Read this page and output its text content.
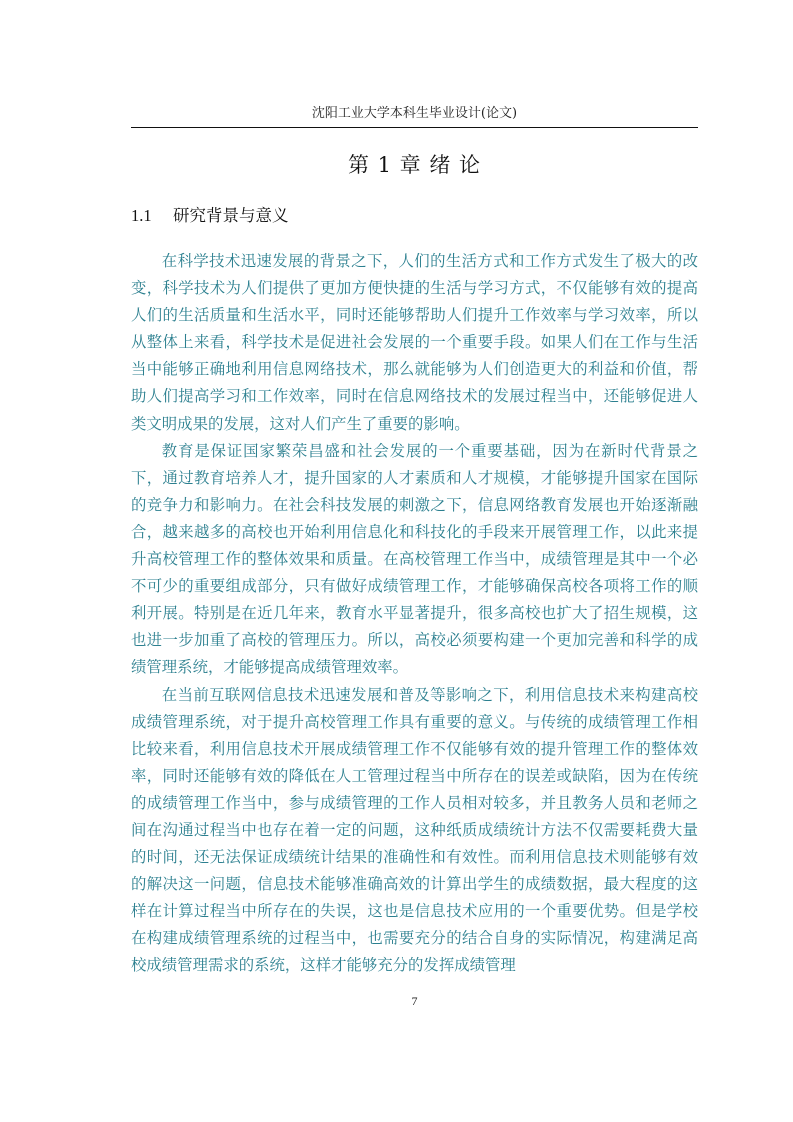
沈阳工业大学本科生毕业设计(论文)
第 1 章 绪 论
1.1 研究背景与意义

在科学技术迅速发展的背景之下，人们的生活方式和工作方式发生了极大的改变，科学技术为人们提供了更加方便快捷的生活与学习方式，不仅能够有效的提高人们的生活质量和生活水平，同时还能够帮助人们提升工作效率与学习效率，所以从整体上来看，科学技术是促进社会发展的一个重要手段。如果人们在工作与生活当中能够正确地利用信息网络技术，那么就能够为人们创造更大的利益和价值，帮助人们提高学习和工作效率，同时在信息网络技术的发展过程当中，还能够促进人类文明成果的发展，这对人们产生了重要的影响。

教育是保证国家繁荣昌盛和社会发展的一个重要基础，因为在新时代背景之下，通过教育培养人才，提升国家的人才素质和人才规模，才能够提升国家在国际的竞争力和影响力。在社会科技发展的刺激之下，信息网络教育发展也开始逐渐融合，越来越多的高校也开始利用信息化和科技化的手段来开展管理工作，以此来提升高校管理工作的整体效果和质量。在高校管理工作当中，成绩管理是其中一个必不可少的重要组成部分，只有做好成绩管理工作，才能够确保高校各项将工作的顺利开展。特别是在近几年来，教育水平显著提升，很多高校也扩大了招生规模，这也进一步加重了高校的管理压力。所以，高校必须要构建一个更加完善和科学的成绩管理系统，才能够提高成绩管理效率。

在当前互联网信息技术迅速发展和普及等影响之下，利用信息技术来构建高校成绩管理系统，对于提升高校管理工作具有重要的意义。与传统的成绩管理工作相比较来看，利用信息技术开展成绩管理工作不仅能够有效的提升管理工作的整体效率，同时还能够有效的降低在人工管理过程当中所存在的误差或缺陷，因为在传统的成绩管理工作当中，参与成绩管理的工作人员相对较多，并且教务人员和老师之间在沟通过程当中也存在着一定的问题，这种纸质成绩统计方法不仅需要耗费大量的时间，还无法保证成绩统计结果的准确性和有效性。而利用信息技术则能够有效的解决这一问题，信息技术能够准确高效的计算出学生的成绩数据，最大程度的这样在计算过程当中所存在的失误，这也是信息技术应用的一个重要优势。但是学校在构建成绩管理系统的过程当中，也需要充分的结合自身的实际情况，构建满足高校成绩管理需求的系统，这样才能够充分的发挥成绩管理

7
